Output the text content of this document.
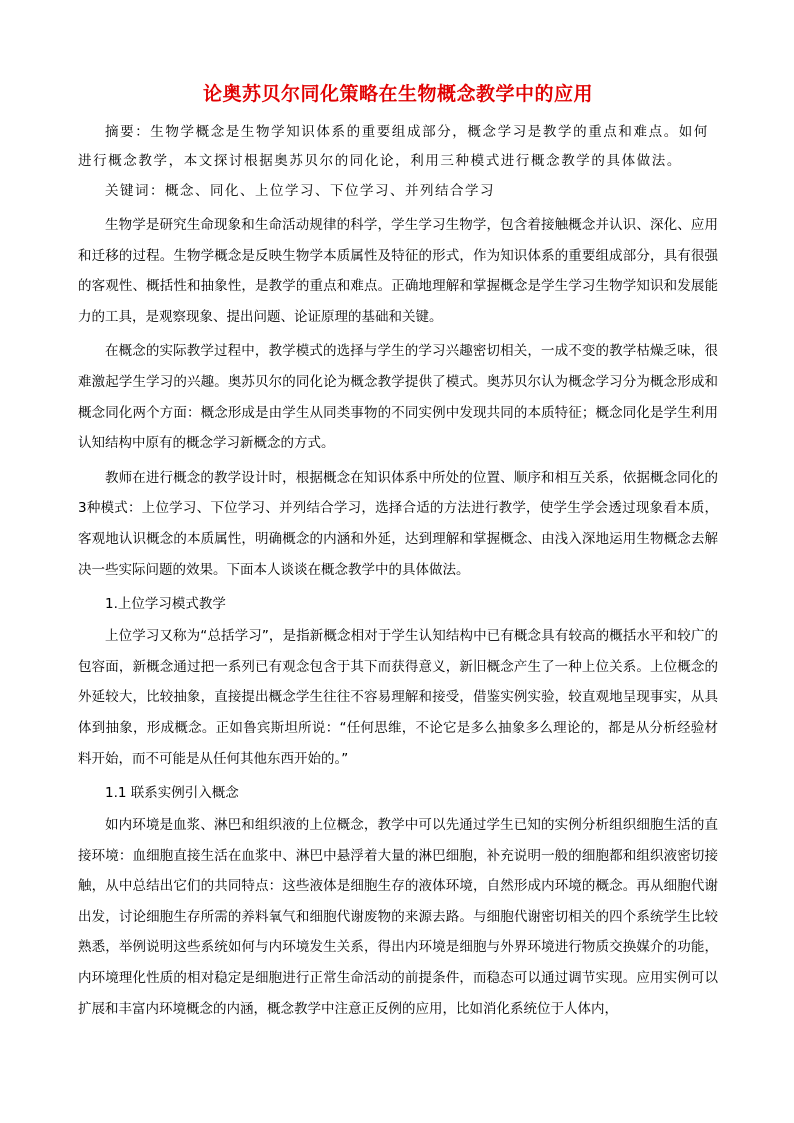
论奥苏贝尔同化策略在生物概念教学中的应用

摘要：生物学概念是生物学知识体系的重要组成部分，概念学习是教学的重点和难点。如何进行概念教学，本文探讨根据奥苏贝尔的同化论，利用三种模式进行概念教学的具体做法。

关键词：概念、同化、上位学习、下位学习、并列结合学习

生物学是研究生命现象和生命活动规律的科学，学生学习生物学，包含着接触概念并认识、深化、应用和迁移的过程。生物学概念是反映生物学本质属性及特征的形式，作为知识体系的重要组成部分，具有很强的客观性、概括性和抽象性，是教学的重点和难点。正确地理解和掌握概念是学生学习生物学知识和发展能力的工具，是观察现象、提出问题、论证原理的基础和关键。

在概念的实际教学过程中，教学模式的选择与学生的学习兴趣密切相关，一成不变的教学枯燥乏味，很难激起学生学习的兴趣。奥苏贝尔的同化论为概念教学提供了模式。奥苏贝尔认为概念学习分为概念形成和概念同化两个方面：概念形成是由学生从同类事物的不同实例中发现共同的本质特征；概念同化是学生利用认知结构中原有的概念学习新概念的方式。

教师在进行概念的教学设计时，根据概念在知识体系中所处的位置、顺序和相互关系，依据概念同化的3种模式：上位学习、下位学习、并列结合学习，选择合适的方法进行教学，使学生学会透过现象看本质，客观地认识概念的本质属性，明确概念的内涵和外延，达到理解和掌握概念、由浅入深地运用生物概念去解决一些实际问题的效果。下面本人谈谈在概念教学中的具体做法。

1.上位学习模式教学

上位学习又称为“总括学习”，是指新概念相对于学生认知结构中已有概念具有较高的概括水平和较广的包容面，新概念通过把一系列已有观念包含于其下而获得意义，新旧概念产生了一种上位关系。上位概念的外延较大，比较抽象，直接提出概念学生往往不容易理解和接受，借鉴实例实验，较直观地呈现事实，从具体到抽象，形成概念。正如鲁宾斯坦所说：“任何思维，不论它是多么抽象多么理论的，都是从分析经验材料开始，而不可能是从任何其他东西开始的。”

1.1 联系实例引入概念

如内环境是血浆、淋巴和组织液的上位概念，教学中可以先通过学生已知的实例分析组织细胞生活的直接环境：血细胞直接生活在血浆中、淋巴中悬浮着大量的淋巴细胞，补充说明一般的细胞都和组织液密切接触，从中总结出它们的共同特点：这些液体是细胞生存的液体环境，自然形成内环境的概念。再从细胞代谢出发，讨论细胞生存所需的养料氧气和细胞代谢废物的来源去路。与细胞代谢密切相关的四个系统学生比较熟悉，举例说明这些系统如何与内环境发生关系，得出内环境是细胞与外界环境进行物质交换媒介的功能，内环境理化性质的相对稳定是细胞进行正常生命活动的前提条件，而稳态可以通过调节实现。应用实例可以扩展和丰富内环境概念的内涵，概念教学中注意正反例的应用，比如消化系统位于人体内，
